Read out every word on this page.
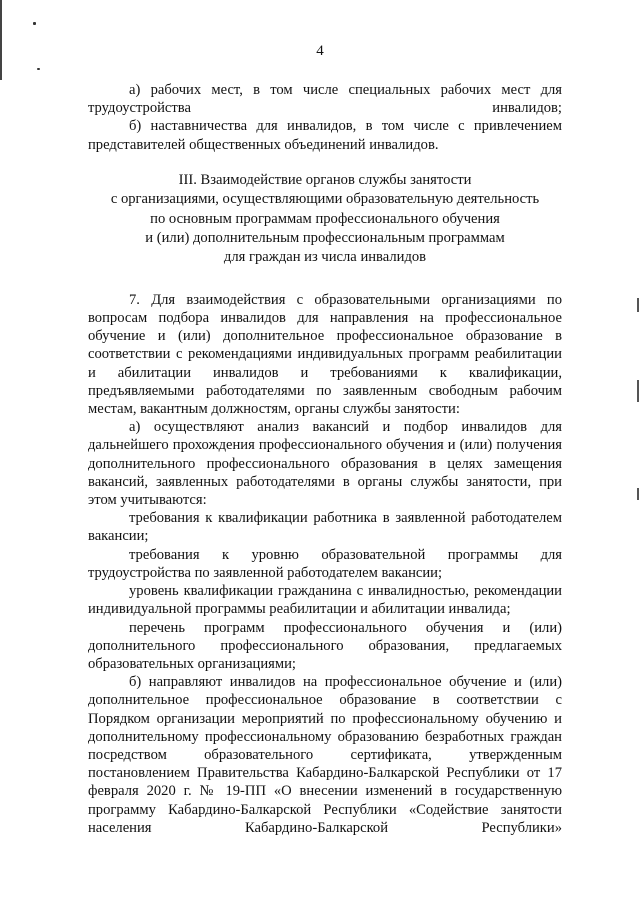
4

а) рабочих мест, в том числе специальных рабочих мест для трудоустройства инвалидов;

б) наставничества для инвалидов, в том числе с привлечением представителей общественных объединений инвалидов.

III. Взаимодействие органов службы занятости

с организациями, осуществляющими образовательную деятельность

по основным программам профессионального обучения

и (или) дополнительным профессиональным программам

для граждан из числа инвалидов

7. Для взаимодействия с образовательными организациями по вопросам подбора инвалидов для направления на профессиональное обучение и (или) дополнительное профессиональное образование в соответствии с рекомендациями индивидуальных программ реабилитации и абилитации инвалидов и требованиями к квалификации, предъявляемыми работодателями по заявленным свободным рабочим местам, вакантным должностям, органы службы занятости:

а) осуществляют анализ вакансий и подбор инвалидов для дальнейшего прохождения профессионального обучения и (или) получения дополнительного профессионального образования в целях замещения вакансий, заявленных работодателями в органы службы занятости, при этом учитываются:

требования к квалификации работника в заявленной работодателем вакансии;

требования к уровню образовательной программы для трудоустройства по заявленной работодателем вакансии;

уровень квалификации гражданина с инвалидностью, рекомендации индивидуальной программы реабилитации и абилитации инвалида;

перечень программ профессионального обучения и (или) дополнительного профессионального образования, предлагаемых образовательных организациями;

б) направляют инвалидов на профессиональное обучение и (или) дополнительное профессиональное образование в соответствии с Порядком организации мероприятий по профессиональному обучению и дополнительному профессиональному образованию безработных граждан посредством образовательного сертификата, утвержденным постановлением Правительства Кабардино-Балкарской Республики от 17 февраля 2020 г. № 19-ПП «О внесении изменений в государственную программу Кабардино-Балкарской Республики «Содействие занятости населения Кабардино-Балкарской Республики»
